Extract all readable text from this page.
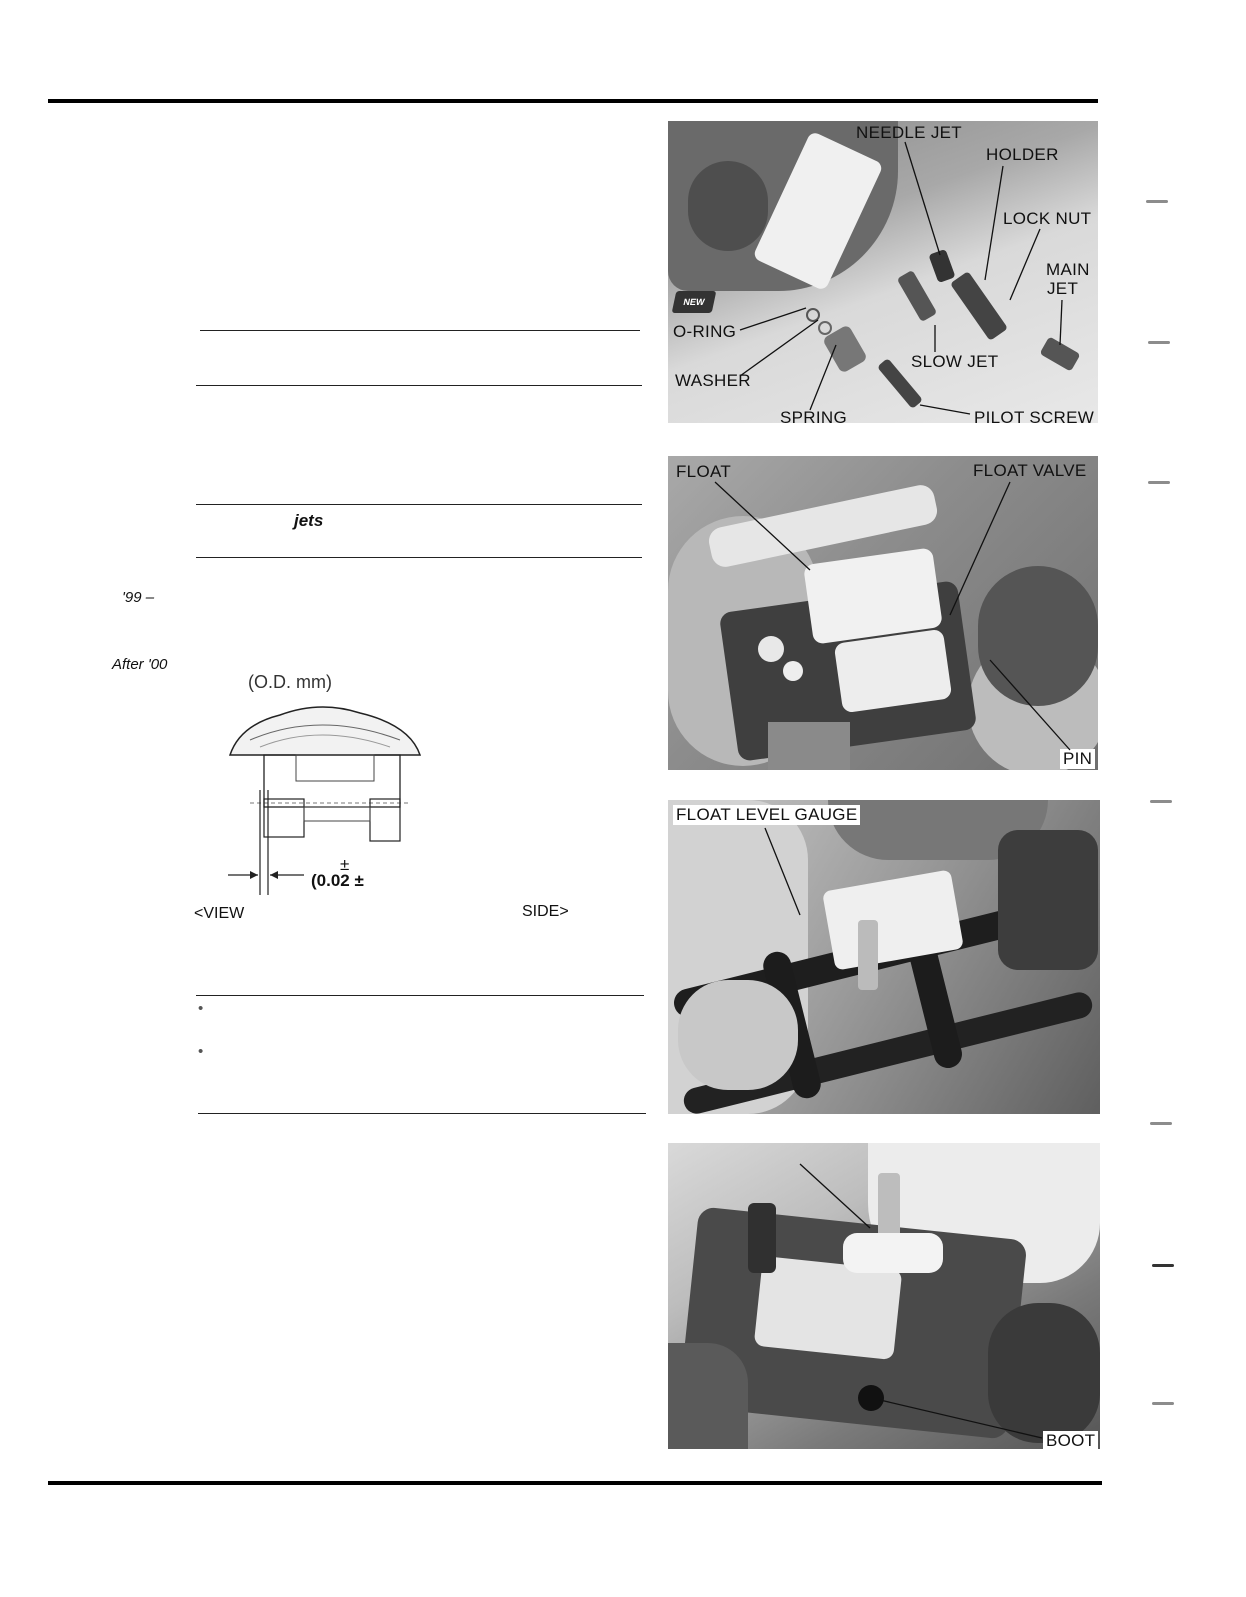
jets
'99 –
After '00
(O.D. mm)
±
(0.02 ±
<VIEW	SIDE>
•
•
NEEDLE JET
HOLDER
LOCK NUT
MAIN
JET
NEW
O-RING
WASHER
SLOW JET
SPRING	PILOT SCREW
FLOAT	FLOAT VALVE
PIN
FLOAT LEVEL GAUGE
BOOT
